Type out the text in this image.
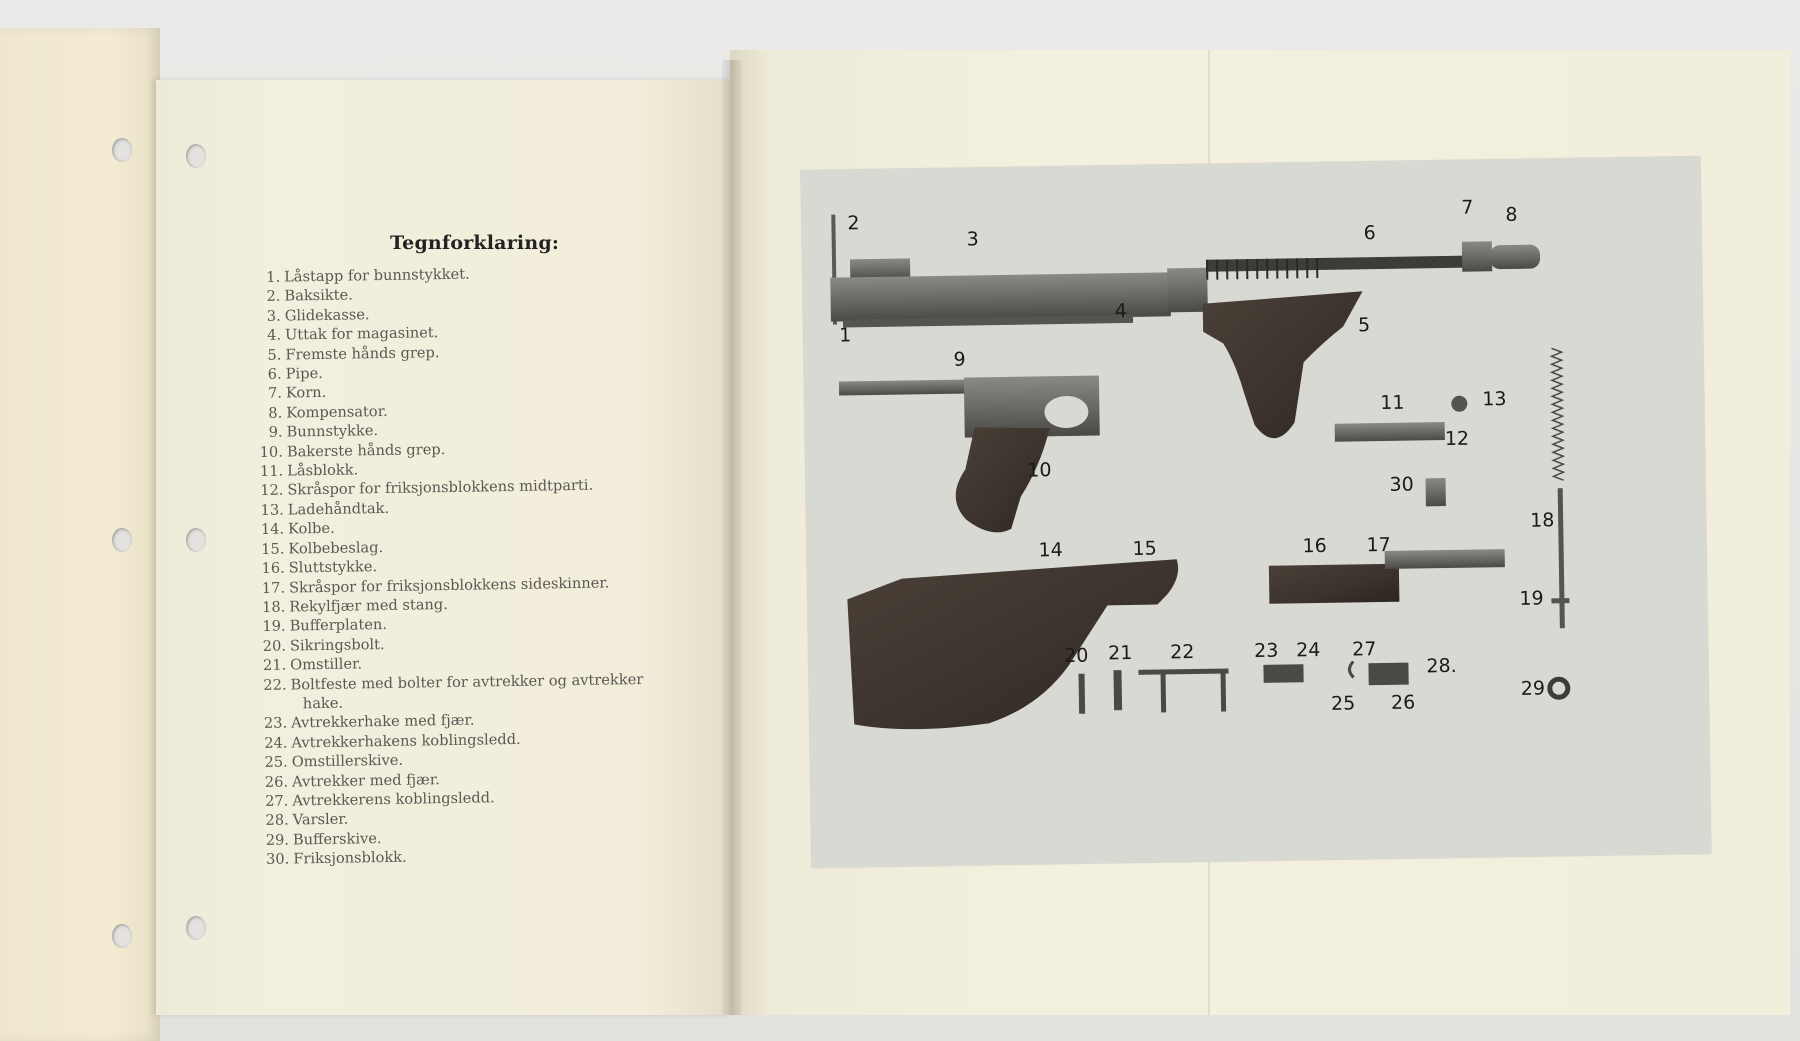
Tegnforklaring:
1. Låstapp for bunnstykket.
2. Baksikte.
3. Glidekasse.
4. Uttak for magasinet.
5. Fremste hånds grep.
6. Pipe.
7. Korn.
8. Kompensator.
9. Bunnstykke.
10. Bakerste hånds grep.
11. Låsblokk.
12. Skråspor for friksjonsblokkens midtparti.
13. Ladehåndtak.
14. Kolbe.
15. Kolbebeslag.
16. Sluttstykke.
17. Skråspor for friksjonsblokkens sideskinner.
18. Rekylfjær med stang.
19. Bufferplaten.
20. Sikringsbolt.
21. Omstiller.
22. Boltfeste med bolter for avtrekker og avtrekker
hake.
23. Avtrekkerhake med fjær.
24. Avtrekkerhakens koblingsledd.
25. Omstillerskive.
26. Avtrekker med fjær.
27. Avtrekkerens koblingsledd.
28. Varsler.
29. Bufferskive.
30. Friksjonsblokk.
1
2
3
4
5
6
7 8
9
10
11
12
13
14	15	16 17
18
19
20 21 22	23 24
25 26
27
28.
29
30
